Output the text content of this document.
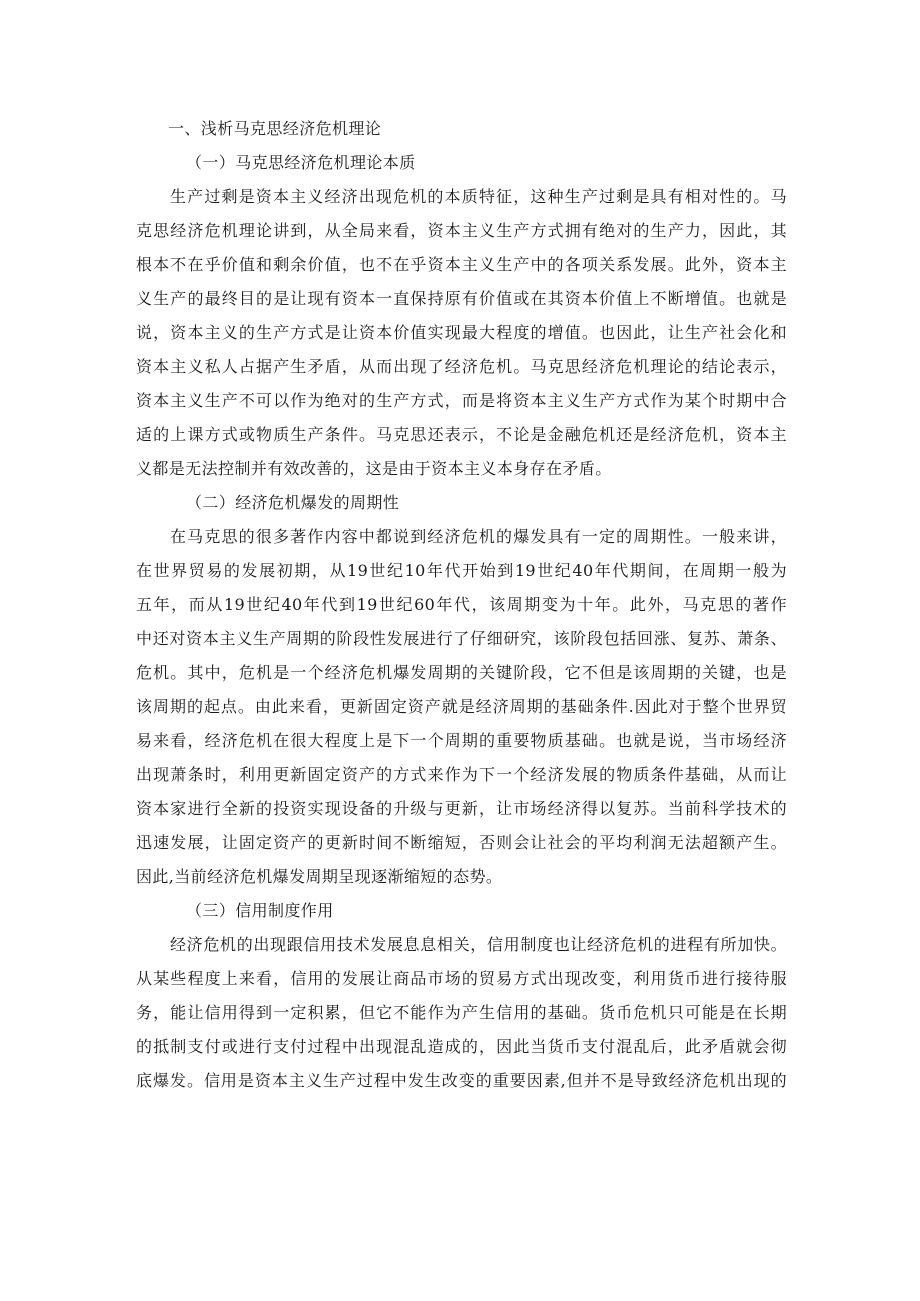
一、浅析马克思经济危机理论
（一）马克思经济危机理论本质
生产过剩是资本主义经济出现危机的本质特征，这种生产过剩是具有相对性的。马
克思经济危机理论讲到，从全局来看，资本主义生产方式拥有绝对的生产力，因此，其
根本不在乎价值和剩余价值，也不在乎资本主义生产中的各项关系发展。此外，资本主
义生产的最终目的是让现有资本一直保持原有价值或在其资本价值上不断增值。也就是
说，资本主义的生产方式是让资本价值实现最大程度的增值。也因此，让生产社会化和
资本主义私人占据产生矛盾，从而出现了经济危机。马克思经济危机理论的结论表示，
资本主义生产不可以作为绝对的生产方式，而是将资本主义生产方式作为某个时期中合
适的上课方式或物质生产条件。马克思还表示，不论是金融危机还是经济危机，资本主
义都是无法控制并有效改善的，这是由于资本主义本身存在矛盾。
（二）经济危机爆发的周期性
在马克思的很多著作内容中都说到经济危机的爆发具有一定的周期性。一般来讲，
在世界贸易的发展初期，从19世纪10年代开始到19世纪40年代期间，在周期一般为
五年，而从19世纪40年代到19世纪60年代，该周期变为十年。此外，马克思的著作
中还对资本主义生产周期的阶段性发展进行了仔细研究，该阶段包括回涨、复苏、萧条、
危机。其中，危机是一个经济危机爆发周期的关键阶段，它不但是该周期的关键，也是
该周期的起点。由此来看，更新固定资产就是经济周期的基础条件.因此对于整个世界贸
易来看，经济危机在很大程度上是下一个周期的重要物质基础。也就是说，当市场经济
出现萧条时，利用更新固定资产的方式来作为下一个经济发展的物质条件基础，从而让
资本家进行全新的投资实现设备的升级与更新，让市场经济得以复苏。当前科学技术的
迅速发展，让固定资产的更新时间不断缩短，否则会让社会的平均利润无法超额产生。
因此,当前经济危机爆发周期呈现逐渐缩短的态势。
（三）信用制度作用
经济危机的出现跟信用技术发展息息相关，信用制度也让经济危机的进程有所加快。
从某些程度上来看，信用的发展让商品市场的贸易方式出现改变，利用货币进行接待服
务，能让信用得到一定积累，但它不能作为产生信用的基础。货币危机只可能是在长期
的抵制支付或进行支付过程中出现混乱造成的，因此当货币支付混乱后，此矛盾就会彻
底爆发。信用是资本主义生产过程中发生改变的重要因素,但并不是导致经济危机出现的
